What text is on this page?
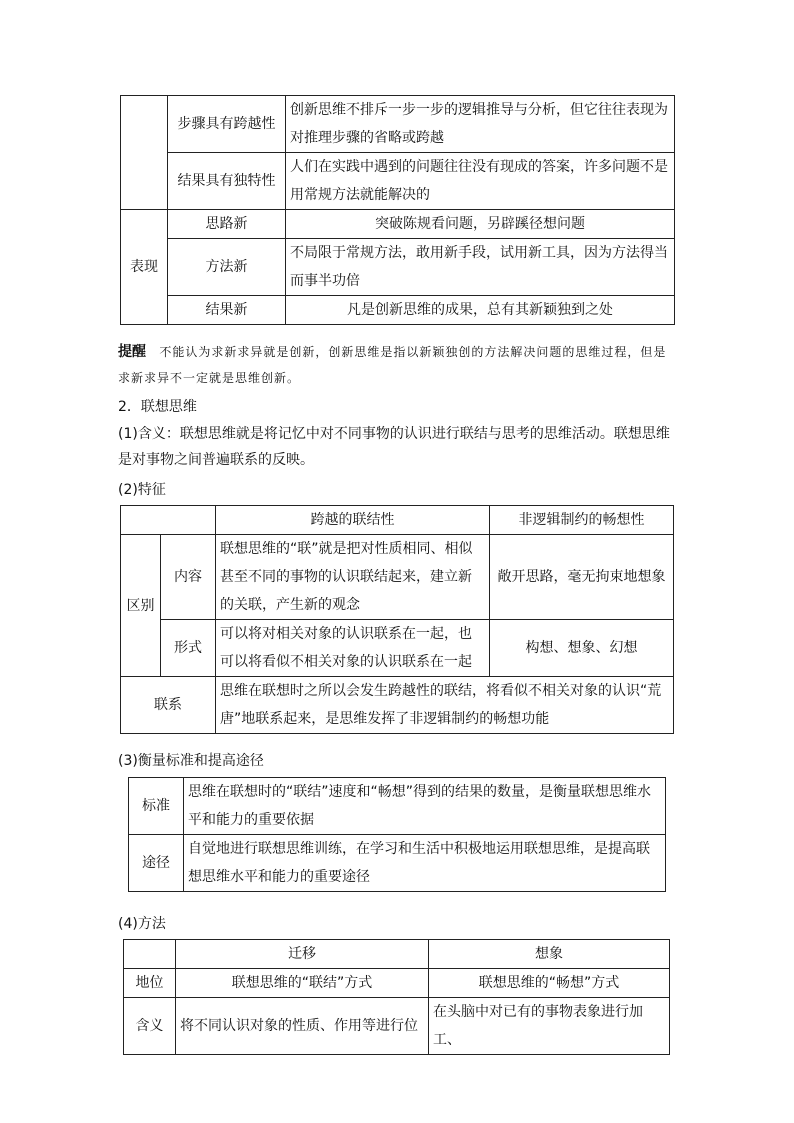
	步骤具有跨越性	创新思维不排斥一步一步的逻辑推导与分析，但它往往表现为对推理步骤的省略或跨越
	结果具有独特性	人们在实践中遇到的问题往往没有现成的答案，许多问题不是用常规方法就能解决的
表现	思路新	突破陈规看问题，另辟蹊径想问题
	方法新	不局限于常规方法，敢用新手段，试用新工具，因为方法得当而事半功倍
	结果新	凡是创新思维的成果，总有其新颖独到之处

提醒 不能认为求新求异就是创新，创新思维是指以新颖独创的方法解决问题的思维过程，但是求新求异不一定就是思维创新。

2．联想思维

(1)含义：联想思维就是将记忆中对不同事物的认识进行联结与思考的思维活动。联想思维是对事物之间普遍联系的反映。

(2)特征

		跨越的联结性	非逻辑制约的畅想性
区别	内容	联想思维的“联”就是把对性质相同、相似甚至不同的事物的认识联结起来，建立新的关联，产生新的观念	敞开思路，毫无拘束地想象
	形式	可以将对相关对象的认识联系在一起，也可以将看似不相关对象的认识联系在一起	构想、想象、幻想
联系		思维在联想时之所以会发生跨越性的联结，将看似不相关对象的认识“荒唐”地联系起来，是思维发挥了非逻辑制约的畅想功能	

(3)衡量标准和提高途径

标准	思维在联想时的“联结”速度和“畅想”得到的结果的数量，是衡量联想思维水平和能力的重要依据
途径	自觉地进行联想思维训练，在学习和生活中积极地运用联想思维，是提高联想思维水平和能力的重要途径

(4)方法

	迁移	想象
地位	联想思维的“联结”方式	联想思维的“畅想”方式
含义	将不同认识对象的性质、作用等进行位	在头脑中对已有的事物表象进行加工、
